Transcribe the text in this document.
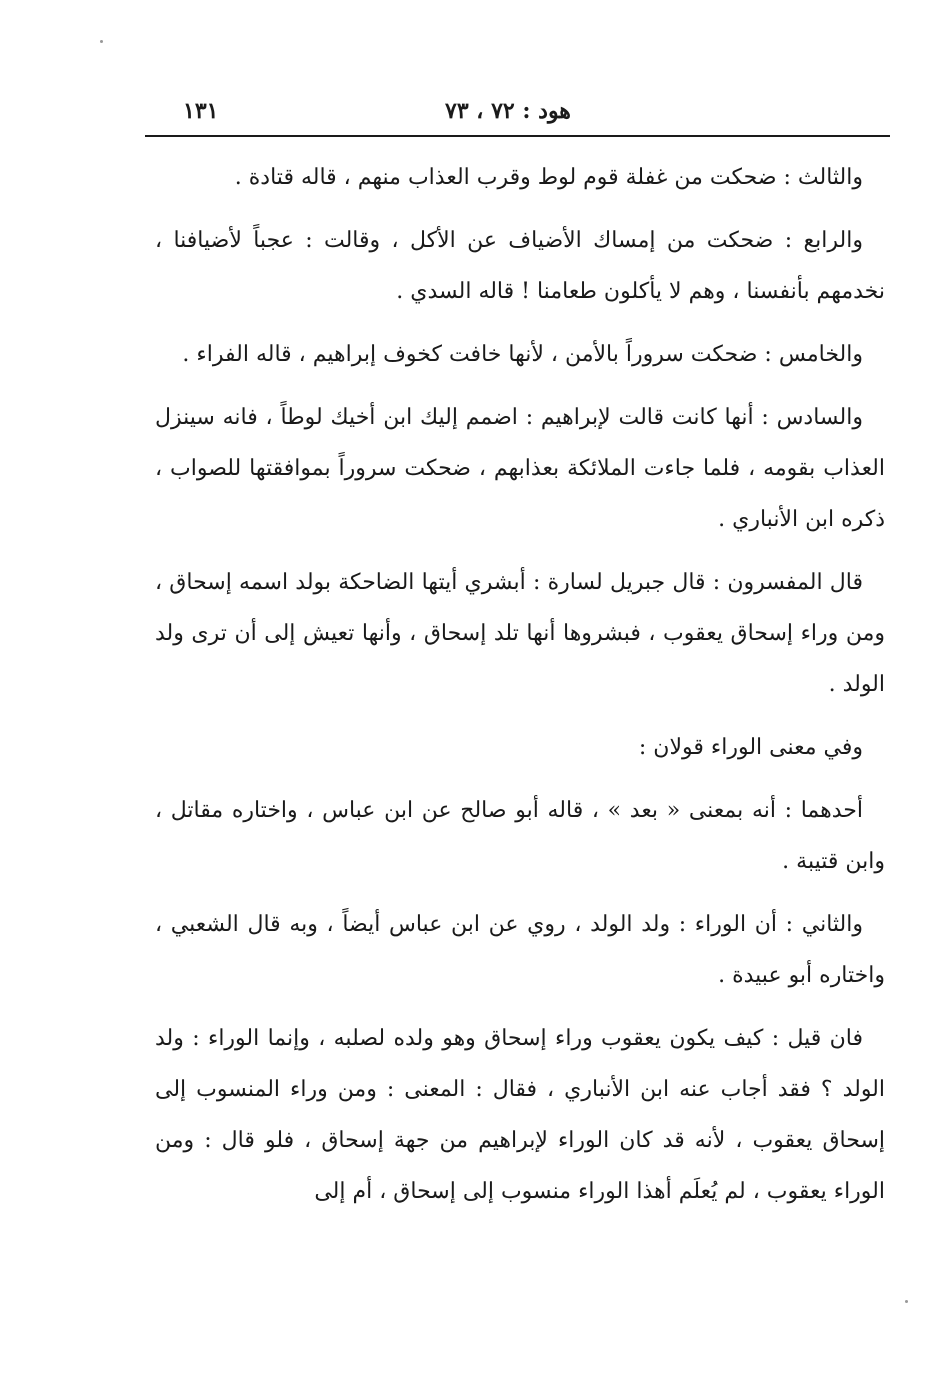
١٣١	هود : ٧٢ ، ٧٣

والثالث : ضحكت من غفلة قوم لوط وقرب العذاب منهم ، قاله قتادة .

والرابع : ضحكت من إمساك الأضياف عن الأكل ، وقالت : عجباً لأضيافنا ، نخدمهم بأنفسنا ، وهم لا يأكلون طعامنا ! قاله السدي .

والخامس : ضحكت سروراً بالأمن ، لأنها خافت كخوف إبراهيم ، قاله الفراء .

والسادس : أنها كانت قالت لإبراهيم : اضمم إليك ابن أخيك لوطاً ، فانه سينزل العذاب بقومه ، فلما جاءت الملائكة بعذابهم ، ضحكت سروراً بموافقتها للصواب ، ذكره ابن الأنباري .

قال المفسرون : قال جبريل لسارة : أبشري أيتها الضاحكة بولد اسمه إسحاق ، ومن وراء إسحاق يعقوب ، فبشروها أنها تلد إسحاق ، وأنها تعيش إلى أن ترى ولد الولد .

وفي معنى الوراء قولان :

أحدهما : أنه بمعنى « بعد » ، قاله أبو صالح عن ابن عباس ، واختاره مقاتل ، وابن قتيبة .

والثاني : أن الوراء : ولد الولد ، روي عن ابن عباس أيضاً ، وبه قال الشعبي ، واختاره أبو عبيدة .

فان قيل : كيف يكون يعقوب وراء إسحاق وهو ولده لصلبه ، وإنما الوراء : ولد الولد ؟ فقد أجاب عنه ابن الأنباري ، فقال : المعنى : ومن وراء المنسوب إلى إسحاق يعقوب ، لأنه قد كان الوراء لإبراهيم من جهة إسحاق ، فلو قال : ومن الوراء يعقوب ، لم يُعلَم أهذا الوراء منسوب إلى إسحاق ، أم إلى
